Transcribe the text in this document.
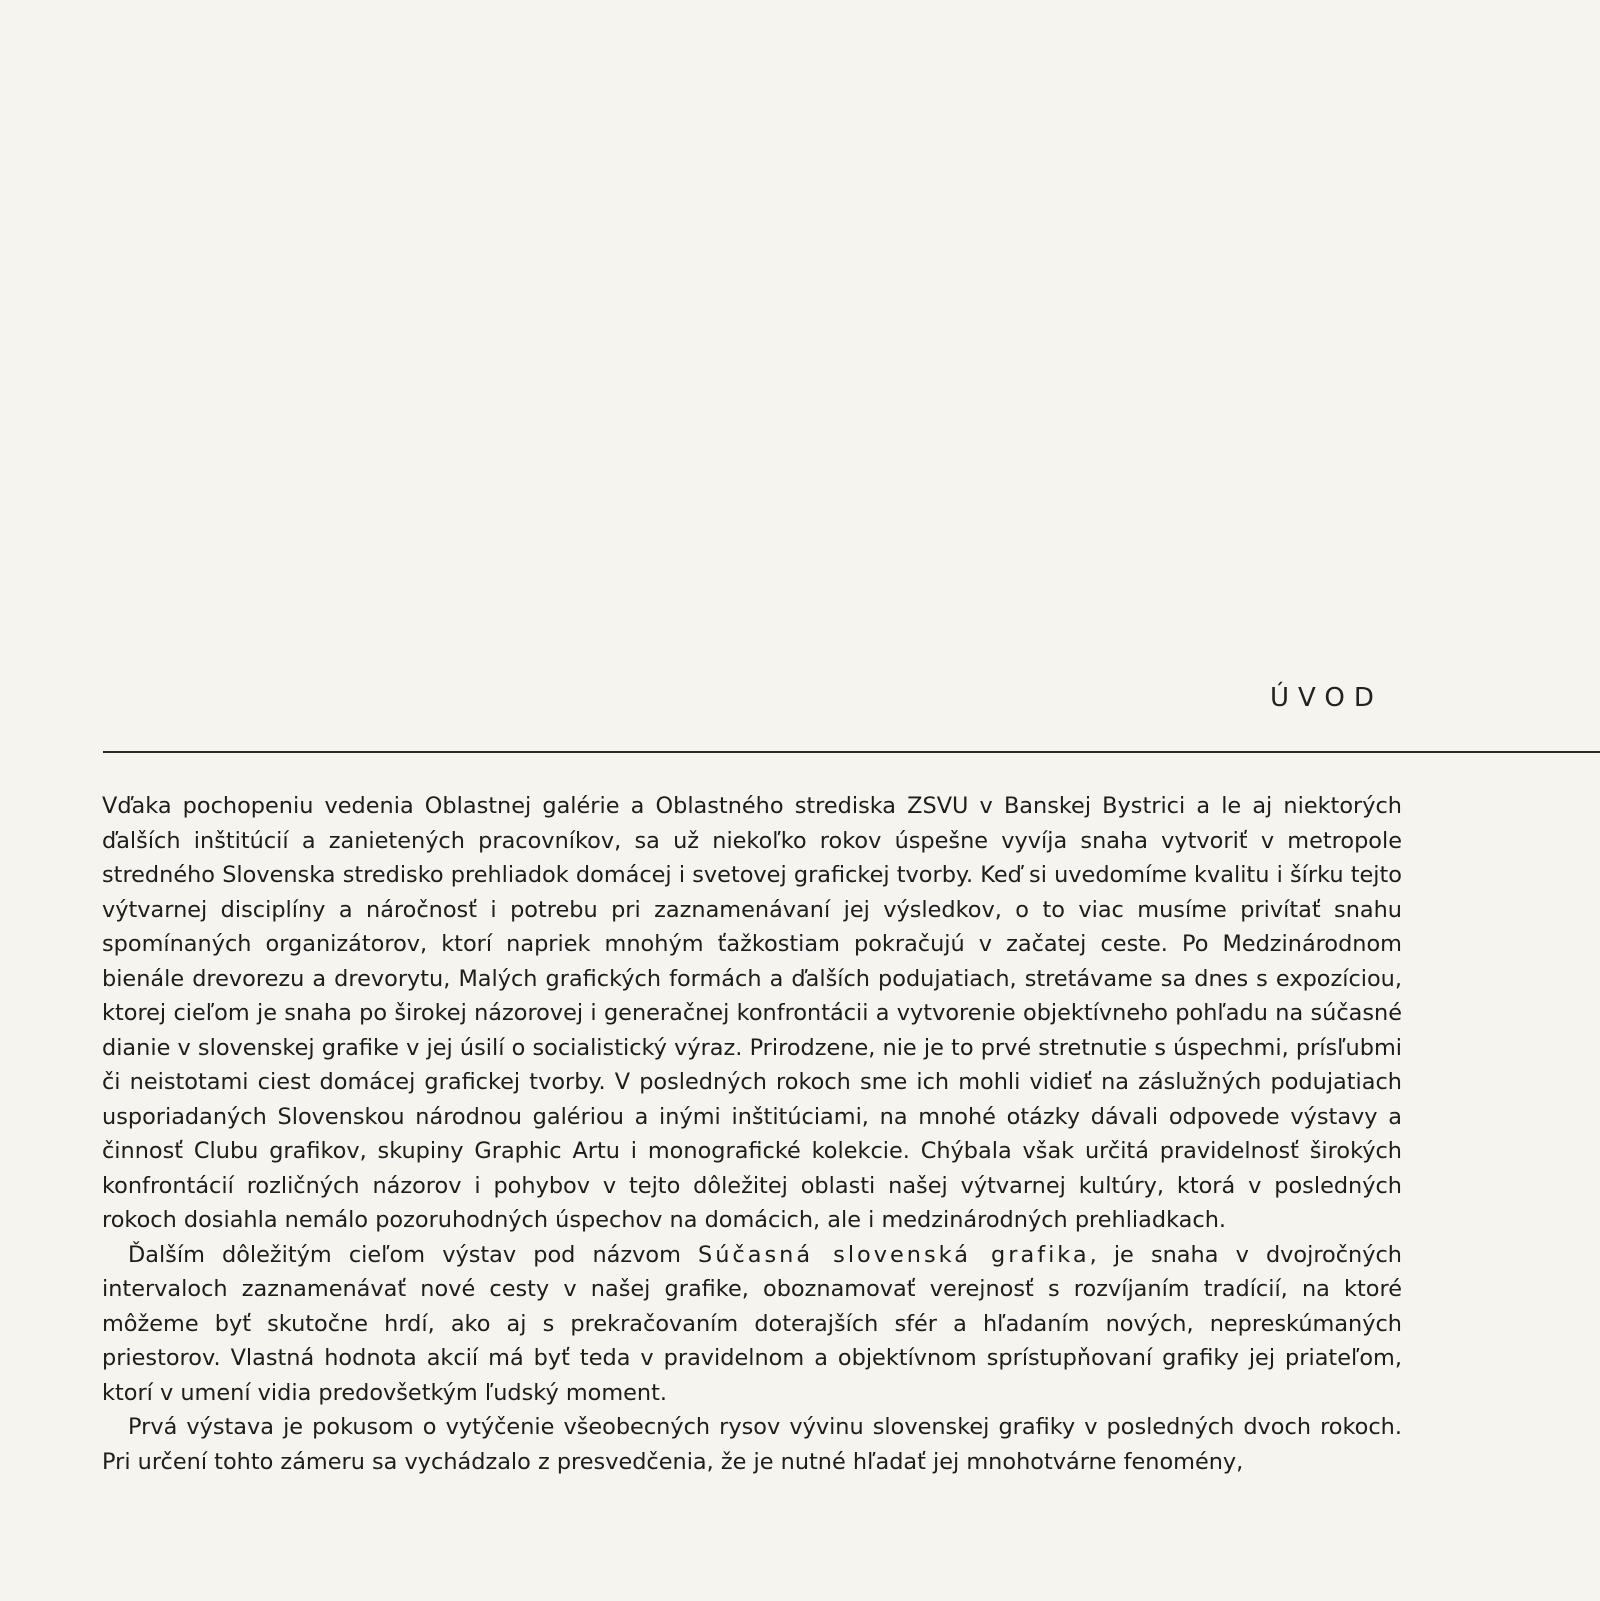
ÚVOD

Vďaka pochopeniu vedenia Oblastnej galérie a Oblastného strediska ZSVU v Banskej Bystrici a le aj niektorých ďalších inštitúcií a zanietených pracovníkov, sa už niekoľko rokov úspešne vyvíja snaha vytvoriť v metropole stredného Slovenska stredisko prehliadok domácej i svetovej grafickej tvorby. Keď si uvedomíme kvalitu i šírku tejto výtvarnej disciplíny a náročnosť i potrebu pri zaznamenávaní jej výsledkov, o to viac musíme privítať snahu spomínaných organizátorov, ktorí napriek mnohým ťažkostiam pokračujú v začatej ceste. Po Medzinárodnom bienále drevorezu a drevorytu, Malých grafických formách a ďalších podujatiach, stretávame sa dnes s expozíciou, ktorej cieľom je snaha po širokej názorovej i generačnej konfrontácii a vytvorenie objektívneho pohľadu na súčasné dianie v slovenskej grafike v jej úsilí o socialistický výraz. Prirodzene, nie je to prvé stretnutie s úspechmi, prísľubmi či neistotami ciest domácej grafickej tvorby. V posledných rokoch sme ich mohli vidieť na záslužných podujatiach usporiadaných Slovenskou národnou galériou a inými inštitúciami, na mnohé otázky dávali odpovede výstavy a činnosť Clubu grafikov, skupiny Graphic Artu i monografické kolekcie. Chýbala však určitá pravidelnosť širokých konfrontácií rozličných názorov i pohybov v tejto dôležitej oblasti našej výtvarnej kultúry, ktorá v posledných rokoch dosiahla nemálo pozoruhodných úspechov na domácich, ale i medzinárodných prehliadkach.

Ďalším dôležitým cieľom výstav pod názvom Súčasná slovenská grafika, je snaha v dvojročných intervaloch zaznamenávať nové cesty v našej grafike, oboznamovať verejnosť s rozvíjaním tradícií, na ktoré môžeme byť skutočne hrdí, ako aj s prekračovaním doterajších sfér a hľadaním nových, nepreskúmaných priestorov. Vlastná hodnota akcií má byť teda v pravidelnom a objektívnom sprístupňovaní grafiky jej priateľom, ktorí v umení vidia predovšetkým ľudský moment.

Prvá výstava je pokusom o vytýčenie všeobecných rysov vývinu slovenskej grafiky v posledných dvoch rokoch. Pri určení tohto zámeru sa vychádzalo z presvedčenia, že je nutné hľadať jej mnohotvárne fenomény,
